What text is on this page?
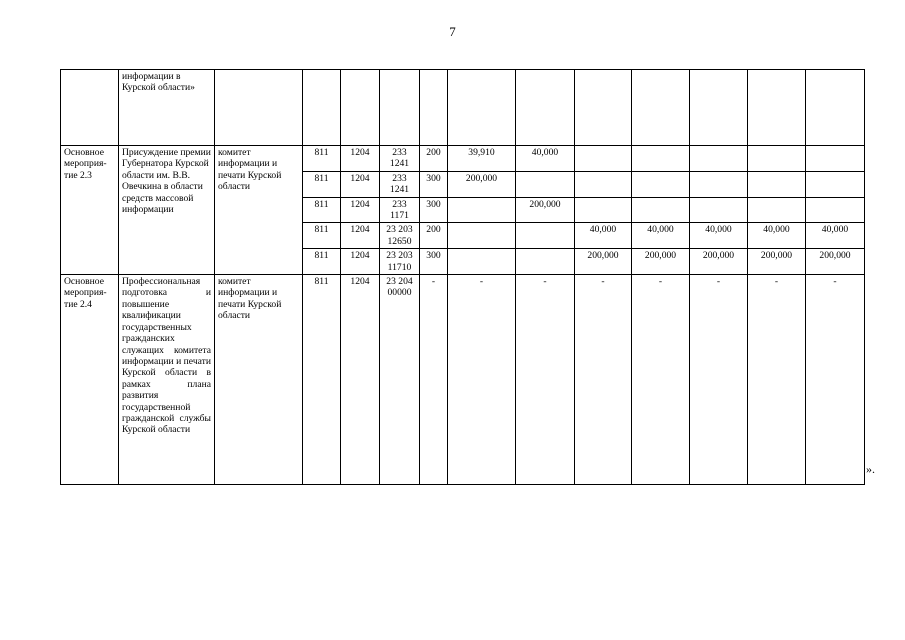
7
	информации в Курской области»												
Основное мероприя-тие 2.3	Присуждение премии Губернатора Курской области им. В.В. Овечкина в области средств массовой информации	комитет информации и печати Курской области	811	1204	233 1241	200	39,910	40,000					
			811	1204	233 1241	300	200,000						
			811	1204	233 1171	300		200,000					
			811	1204	23 203 12650	200			40,000	40,000	40,000	40,000	40,000
			811	1204	23 203 11710	300			200,000	200,000	200,000	200,000	200,000
Основное мероприя-тие 2.4	Профессиональная подготовка и повышение квалификации государственных гражданских служащих комитета информации и печати Курской области в рамках плана развития государственной гражданской службы Курской области	комитет информации и печати Курской области	811	1204	23 204 00000	-	-	-	-	-	-	-	-
».
